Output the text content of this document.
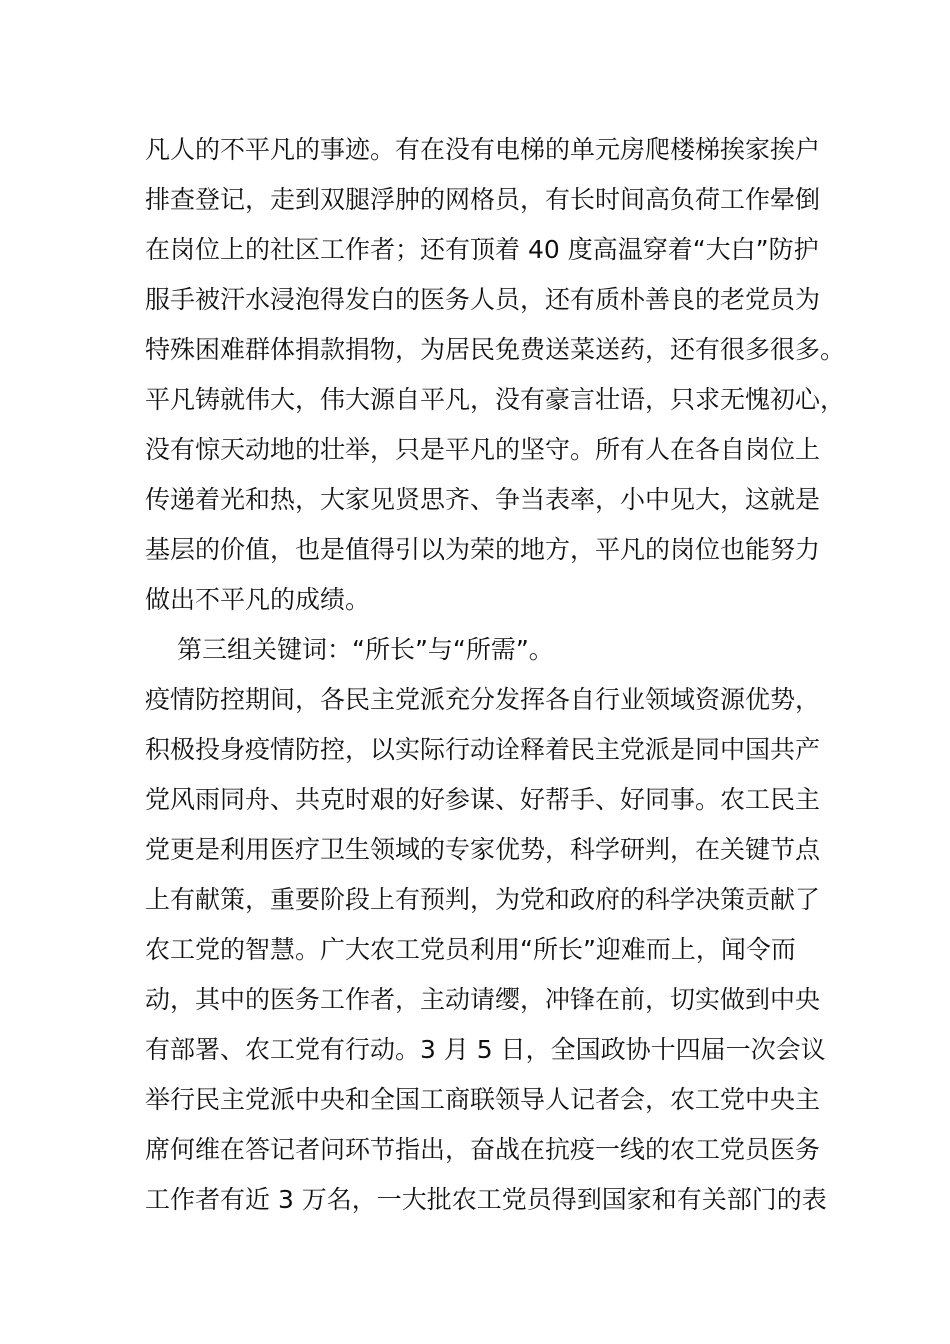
凡人的不平凡的事迹。有在没有电梯的单元房爬楼梯挨家挨户
排查登记，走到双腿浮肿的网格员，有长时间高负荷工作晕倒
在岗位上的社区工作者；还有顶着 40 度高温穿着“大白”防护
服手被汗水浸泡得发白的医务人员，还有质朴善良的老党员为
特殊困难群体捐款捐物，为居民免费送菜送药，还有很多很多。
平凡铸就伟大，伟大源自平凡，没有豪言壮语，只求无愧初心，
没有惊天动地的壮举，只是平凡的坚守。所有人在各自岗位上
传递着光和热，大家见贤思齐、争当表率，小中见大，这就是
基层的价值，也是值得引以为荣的地方，平凡的岗位也能努力
做出不平凡的成绩。
第三组关键词：“所长”与“所需”。
疫情防控期间，各民主党派充分发挥各自行业领域资源优势，
积极投身疫情防控，以实际行动诠释着民主党派是同中国共产
党风雨同舟、共克时艰的好参谋、好帮手、好同事。农工民主
党更是利用医疗卫生领域的专家优势，科学研判，在关键节点
上有献策，重要阶段上有预判，为党和政府的科学决策贡献了
农工党的智慧。广大农工党员利用“所长”迎难而上，闻令而
动，其中的医务工作者，主动请缨，冲锋在前，切实做到中央
有部署、农工党有行动。3 月 5 日，全国政协十四届一次会议
举行民主党派中央和全国工商联领导人记者会，农工党中央主
席何维在答记者问环节指出，奋战在抗疫一线的农工党员医务
工作者有近 3 万名，一大批农工党员得到国家和有关部门的表
